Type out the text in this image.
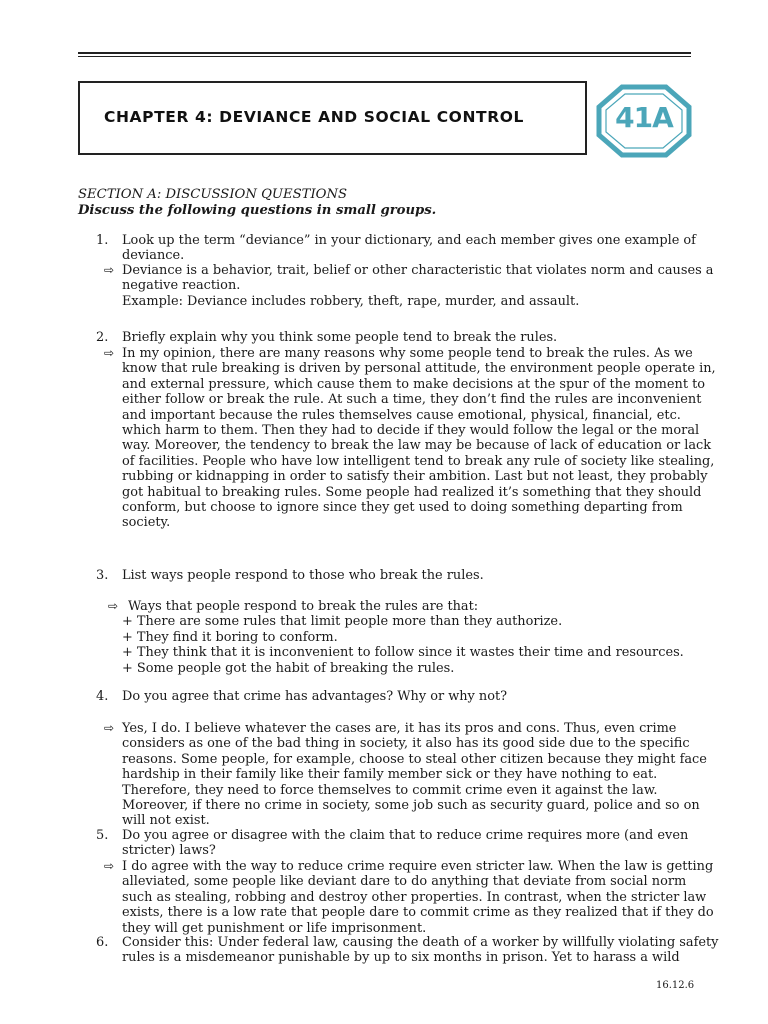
CHAPTER 4: DEVIANCE AND SOCIAL CONTROL	41A
SECTION A: DISCUSSION QUESTIONS
Discuss the following questions in small groups.
1. Look up the term “deviance” in your dictionary, and each member gives one example of
deviance.
⇨ Deviance is a behavior, trait, belief or other characteristic that violates norm and causes a
negative reaction.
Example: Deviance includes robbery, theft, rape, murder, and assault.
2. Briefly explain why you think some people tend to break the rules.
⇨ In my opinion, there are many reasons why some people tend to break the rules. As we
know that rule breaking is driven by personal attitude, the environment people operate in,
and external pressure, which cause them to make decisions at the spur of the moment to
either follow or break the rule. At such a time, they don’t find the rules are inconvenient
and important because the rules themselves cause emotional, physical, financial, etc.
which harm to them. Then they had to decide if they would follow the legal or the moral
way. Moreover, the tendency to break the law may be because of lack of education or lack
of facilities. People who have low intelligent tend to break any rule of society like stealing,
rubbing or kidnapping in order to satisfy their ambition. Last but not least, they probably
got habitual to breaking rules. Some people had realized it’s something that they should
conform, but choose to ignore since they get used to doing something departing from
society.
3. List ways people respond to those who break the rules.
⇨ Ways that people respond to break the rules are that:
+ There are some rules that limit people more than they authorize.
+ They find it boring to conform.
+ They think that it is inconvenient to follow since it wastes their time and resources.
+ Some people got the habit of breaking the rules.
4. Do you agree that crime has advantages? Why or why not?
⇨ Yes, I do. I believe whatever the cases are, it has its pros and cons. Thus, even crime
considers as one of the bad thing in society, it also has its good side due to the specific
reasons. Some people, for example, choose to steal other citizen because they might face
hardship in their family like their family member sick or they have nothing to eat.
Therefore, they need to force themselves to commit crime even it against the law.
Moreover, if there no crime in society, some job such as security guard, police and so on
will not exist.
5. Do you agree or disagree with the claim that to reduce crime requires more (and even
stricter) laws?
⇨ I do agree with the way to reduce crime require even stricter law. When the law is getting
alleviated, some people like deviant dare to do anything that deviate from social norm
such as stealing, robbing and destroy other properties. In contrast, when the stricter law
exists, there is a low rate that people dare to commit crime as they realized that if they do
they will get punishment or life imprisonment.
6. Consider this: Under federal law, causing the death of a worker by willfully violating safety
rules is a misdemeanor punishable by up to six months in prison. Yet to harass a wild
16.12.6
